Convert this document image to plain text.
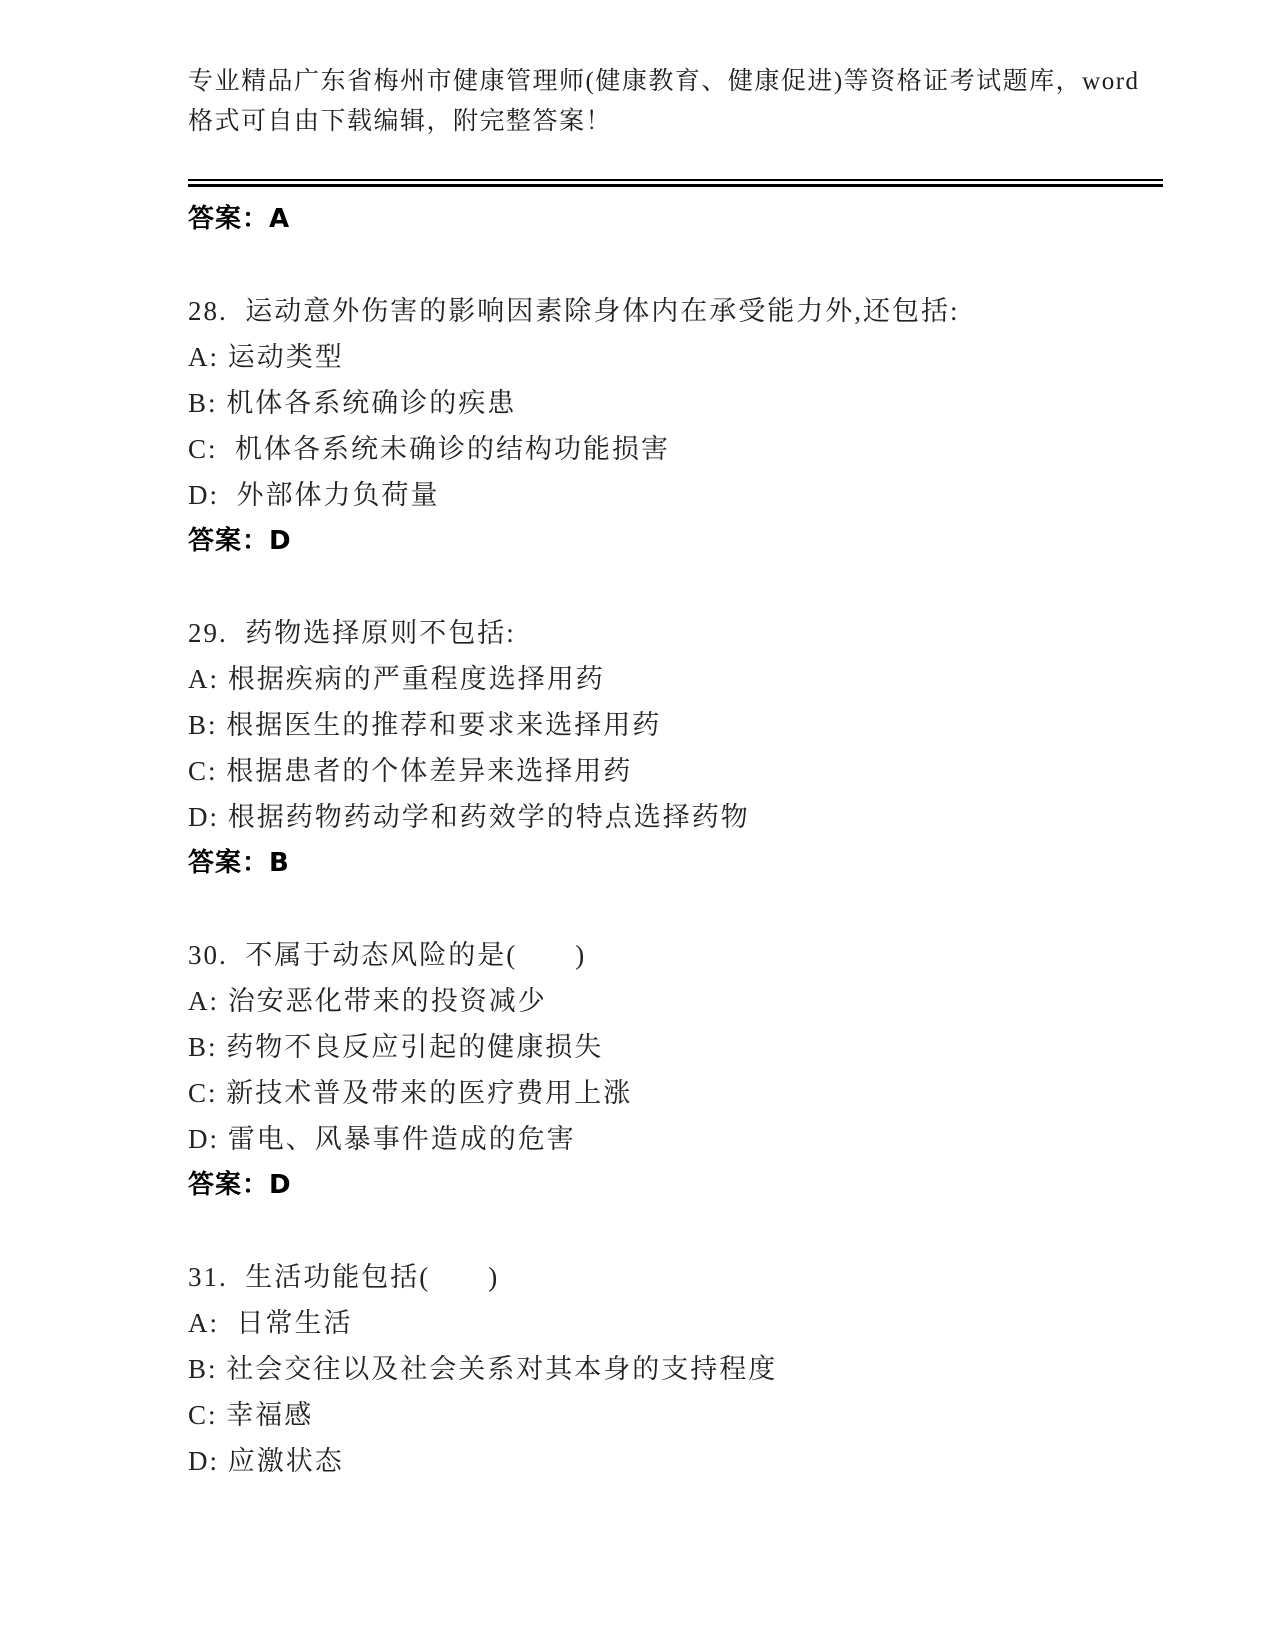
专业精品广东省梅州市健康管理师(健康教育、健康促进)等资格证考试题库，word
格式可自由下载编辑，附完整答案！
答案：A
28.  运动意外伤害的影响因素除身体内在承受能力外,还包括:
A: 运动类型
B: 机体各系统确诊的疾患
C:  机体各系统未确诊的结构功能损害
D:  外部体力负荷量
答案：D
29.  药物选择原则不包括:
A: 根据疾病的严重程度选择用药
B: 根据医生的推荐和要求来选择用药
C: 根据患者的个体差异来选择用药
D: 根据药物药动学和药效学的特点选择药物
答案：B
30.  不属于动态风险的是(　　)
A: 治安恶化带来的投资减少
B: 药物不良反应引起的健康损失
C: 新技术普及带来的医疗费用上涨
D: 雷电、风暴事件造成的危害
答案：D
31.  生活功能包括(　　)
A:  日常生活
B: 社会交往以及社会关系对其本身的支持程度
C: 幸福感
D: 应激状态
